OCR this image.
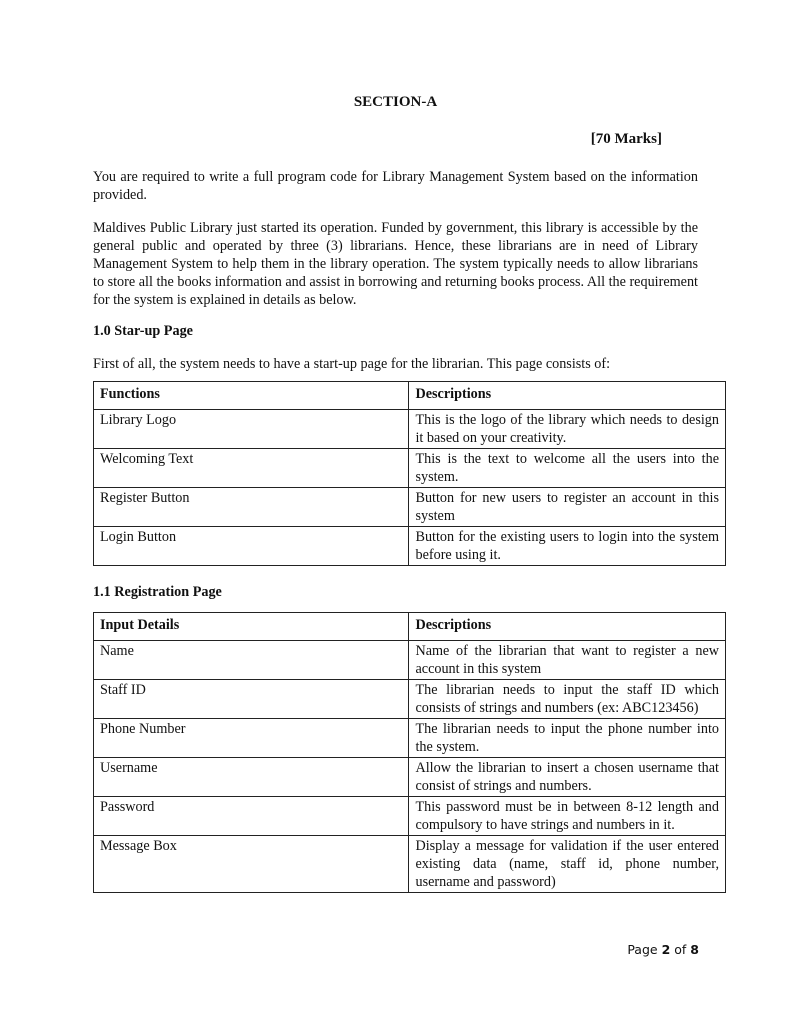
SECTION-A
[70 Marks]

You are required to write a full program code for Library Management System based on the information provided.

Maldives Public Library just started its operation. Funded by government, this library is accessible by the general public and operated by three (3) librarians. Hence, these librarians are in need of Library Management System to help them in the library operation. The system typically needs to allow librarians to store all the books information and assist in borrowing and returning books process. All the requirement for the system is explained in details as below.

1.0 Star-up Page

First of all, the system needs to have a start-up page for the librarian. This page consists of:

Functions	Descriptions
Library Logo	This is the logo of the library which needs to design it based on your creativity.
Welcoming Text	This is the text to welcome all the users into the system.
Register Button	Button for new users to register an account in this system
Login Button	Button for the existing users to login into the system before using it.
1.1 Registration Page
Input Details	Descriptions
Name	Name of the librarian that want to register a new account in this system
Staff ID	The librarian needs to input the staff ID which consists of strings and numbers (ex: ABC123456)
Phone Number	The librarian needs to input the phone number into the system.
Username	Allow the librarian to insert a chosen username that consist of strings and numbers.
Password	This password must be in between 8-12 length and compulsory to have strings and numbers in it.
Message Box	Display a message for validation if the user entered existing data (name, staff id, phone number, username and password)
Page 2 of 8
